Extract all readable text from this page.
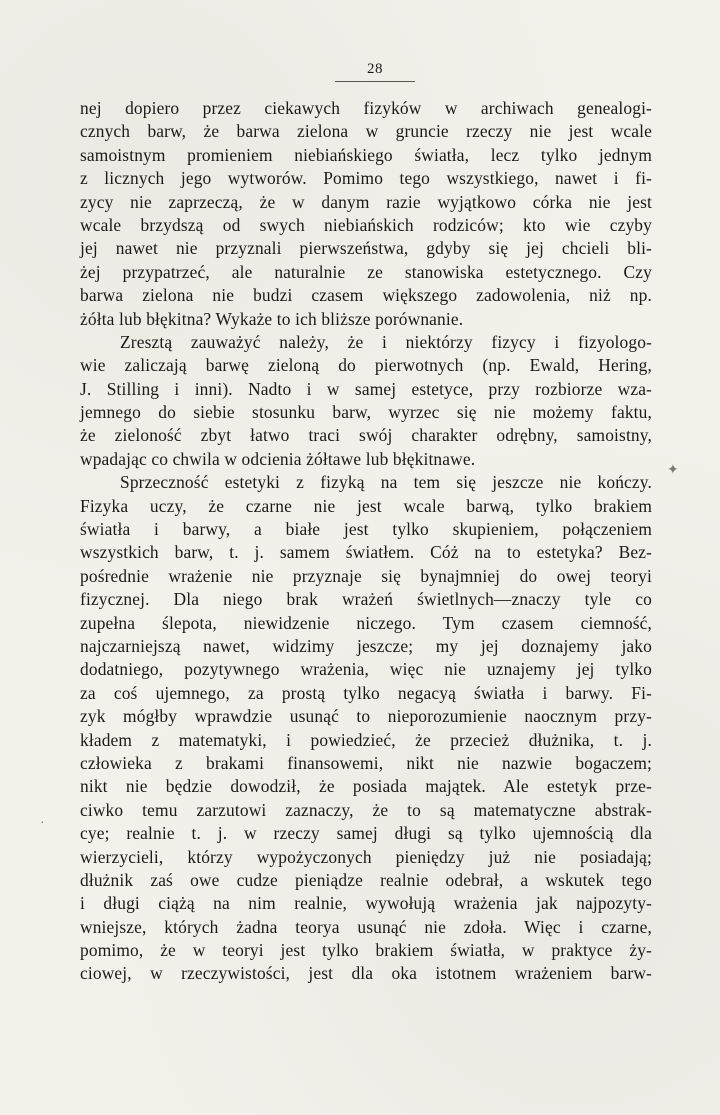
28
✦
·
nej dopiero przez ciekawych fizyków w archiwach genealogi-
cznych barw, że barwa zielona w gruncie rzeczy nie jest wcale
samoistnym promieniem niebiańskiego światła, lecz tylko jednym
z licznych jego wytworów. Pomimo tego wszystkiego, nawet i fi-
zycy nie zaprzeczą, że w danym razie wyjątkowo córka nie jest
wcale brzydszą od swych niebiańskich rodziców; kto wie czyby
jej nawet nie przyznali pierwszeństwa, gdyby się jej chcieli bli-
żej przypatrzeć, ale naturalnie ze stanowiska estetycznego. Czy
barwa zielona nie budzi czasem większego zadowolenia, niż np.
żółta lub błękitna? Wykaże to ich bliższe porównanie.
Zresztą zauważyć należy, że i niektórzy fizycy i fizyologo-
wie zaliczają barwę zieloną do pierwotnych (np. Ewald, Hering,
J. Stilling i inni). Nadto i w samej estetyce, przy rozbiorze wza-
jemnego do siebie stosunku barw, wyrzec się nie możemy faktu,
że zieloność zbyt łatwo traci swój charakter odrębny, samoistny,
wpadając co chwila w odcienia żółtawe lub błękitnawe.
Sprzeczność estetyki z fizyką na tem się jeszcze nie kończy.
Fizyka uczy, że czarne nie jest wcale barwą, tylko brakiem
światła i barwy, a białe jest tylko skupieniem, połączeniem
wszystkich barw, t. j. samem światłem. Cóż na to estetyka? Bez-
pośrednie wrażenie nie przyznaje się bynajmniej do owej teoryi
fizycznej. Dla niego brak wrażeń świetlnych—znaczy tyle co
zupełna ślepota, niewidzenie niczego. Tym czasem ciemność,
najczarniejszą nawet, widzimy jeszcze; my jej doznajemy jako
dodatniego, pozytywnego wrażenia, więc nie uznajemy jej tylko
za coś ujemnego, za prostą tylko negacyą światła i barwy. Fi-
zyk mógłby wprawdzie usunąć to nieporozumienie naocznym przy-
kładem z matematyki, i powiedzieć, że przecież dłużnika, t. j.
człowieka z brakami finansowemi, nikt nie nazwie bogaczem;
nikt nie będzie dowodził, że posiada majątek. Ale estetyk prze-
ciwko temu zarzutowi zaznaczy, że to są matematyczne abstrak-
cye; realnie t. j. w rzeczy samej długi są tylko ujemnością dla
wierzycieli, którzy wypożyczonych pieniędzy już nie posiadają;
dłużnik zaś owe cudze pieniądze realnie odebrał, a wskutek tego
i długi ciążą na nim realnie, wywołują wrażenia jak najpozyty-
wniejsze, których żadna teorya usunąć nie zdoła. Więc i czarne,
pomimo, że w teoryi jest tylko brakiem światła, w praktyce ży-
ciowej, w rzeczywistości, jest dla oka istotnem wrażeniem barw-
